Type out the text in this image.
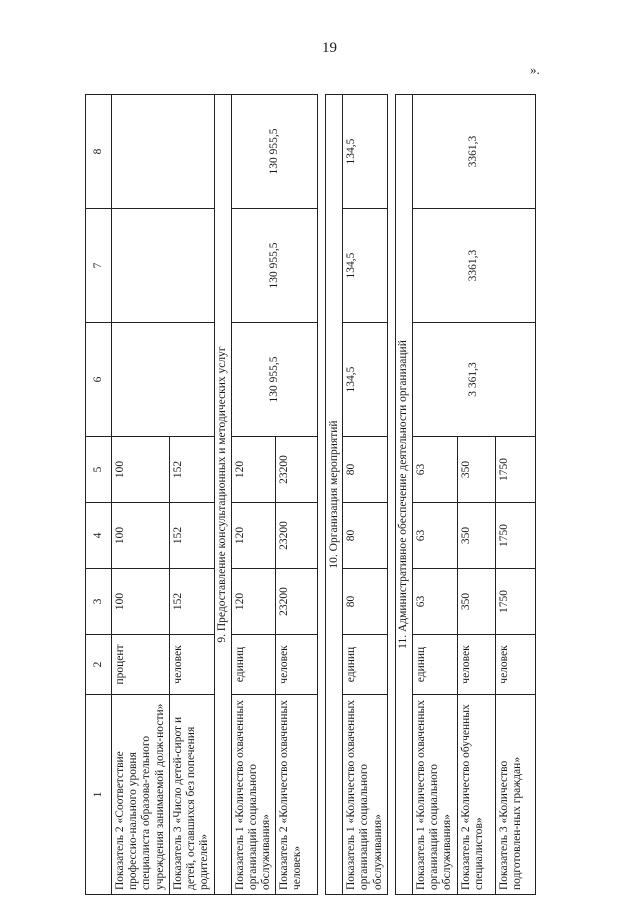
19
».
1	2	3	4	5	6	7	8
Показатель 2 «Соответствие профессио-нального уровня специалиста образова-тельного учреждения занимаемой долж-ности»	процент	100	100	100			
Показатель 3 «Число детей-сирот и детей, оставшихся без попечения родителей»	человек	152	152	152			
9. Предоставление консультационных и методических услуг							
Показатель 1 «Количество охваченных организаций социального обслуживания»	единиц	120	120	120	130 955,5	130 955,5	130 955,5
Показатель 2 «Количество охваченных человек»	человек	23200	23200	23200			

10. Организация мероприятий							
Показатель 1 «Количество охваченных организаций социального обслуживания»	единиц	80	80	80	134,5	134,5	134,5

11. Административное обеспечение деятельности организаций							
Показатель 1 «Количество охваченных организаций социального обслуживания»	единиц	63	63	63	3 361,3	3361,3	3361,3
Показатель 2 «Количество обученных специалистов»	человек	350	350	350			
Показатель 3 «Количество подготовлен-ных граждан»	человек	1750	1750	1750			
